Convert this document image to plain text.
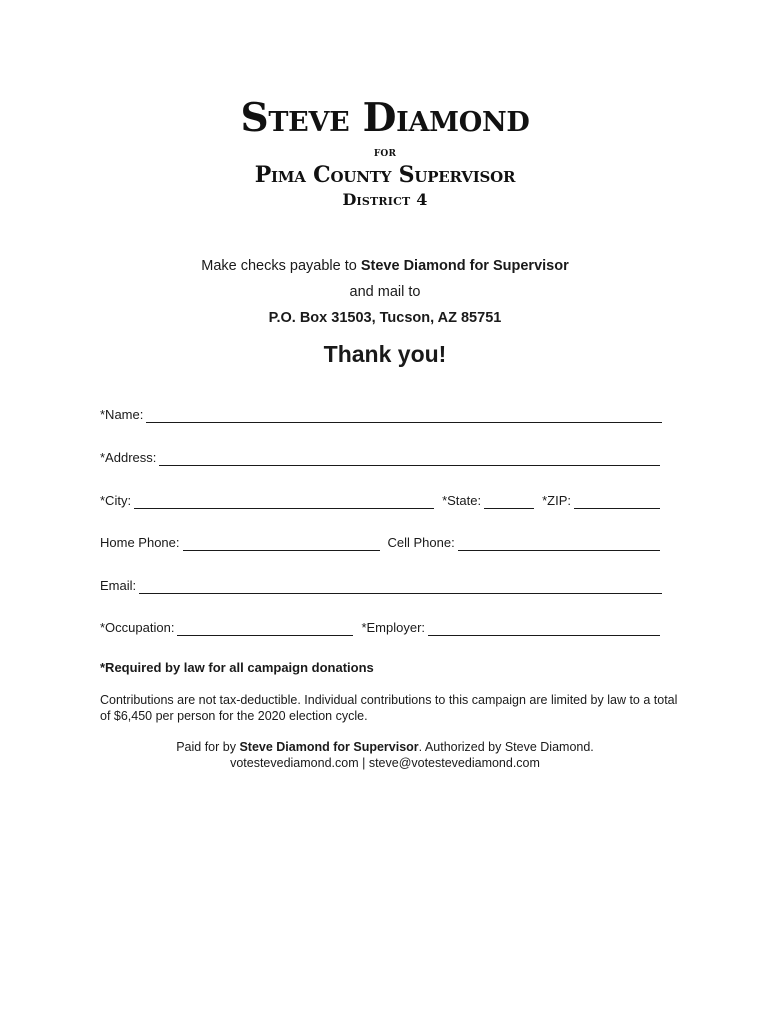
Steve Diamond
for
Pima County Supervisor
District 4

Make checks payable to Steve Diamond for Supervisor

and mail to

P.O. Box 31503, Tucson, AZ 85751

Thank you!

*Name:
*Address:
*City:	*State:	*ZIP:
Home Phone:	Cell Phone:
Email:
*Occupation:	*Employer:
*Required by law for all campaign donations
Contributions are not tax-deductible. Individual contributions to this campaign are limited by law to a total of $6,450 per person for the 2020 election cycle.

Paid for by Steve Diamond for Supervisor. Authorized by Steve Diamond.

votestevediamond.com | steve@votestevediamond.com
